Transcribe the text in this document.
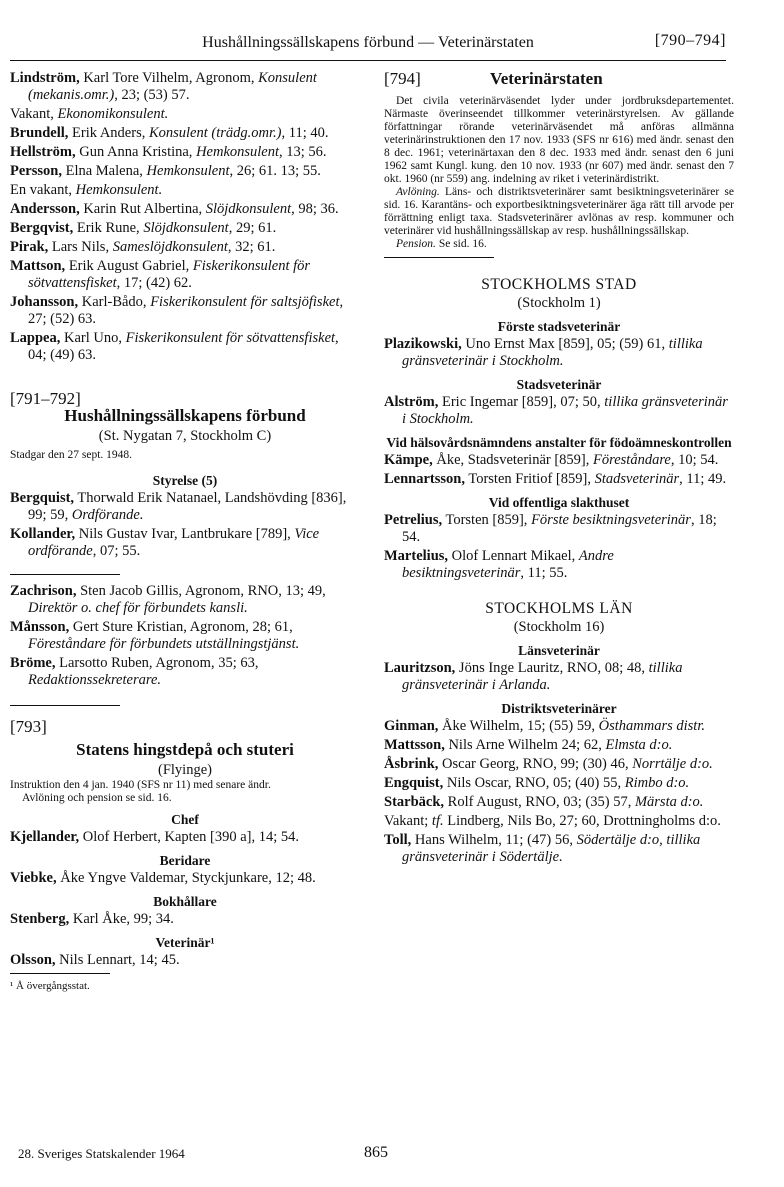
Hushållningssällskapens förbund — Veterinärstaten	[790–794]
Lindström, Karl Tore Vilhelm, Agronom, Konsulent (mekanis.omr.), 23; (53) 57.
Vakant, Ekonomikonsulent.
Brundell, Erik Anders, Konsulent (trädg.omr.), 11; 40.
Hellström, Gun Anna Kristina, Hemkonsulent, 13; 56.
Persson, Elna Malena, Hemkonsulent, 26; 61. 13; 55.
En vakant, Hemkonsulent.
Andersson, Karin Rut Albertina, Slöjdkonsulent, 98; 36.
Bergqvist, Erik Rune, Slöjdkonsulent, 29; 61.
Pirak, Lars Nils, Sameslöjdkonsulent, 32; 61.
Mattson, Erik August Gabriel, Fiskerikonsulent för sötvattensfisket, 17; (42) 62.
Johansson, Karl-Bådo, Fiskerikonsulent för saltsjöfisket, 27; (52) 63.
Lappea, Karl Uno, Fiskerikonsulent för sötvattensfisket, 04; (49) 63.
[791–792]
Hushållningssällskapens förbund
(St. Nygatan 7, Stockholm C)
Stadgar den 27 sept. 1948.
Styrelse (5)
Bergquist, Thorwald Erik Natanael, Landshövding [836], 99; 59, Ordförande.
Kollander, Nils Gustav Ivar, Lantbrukare [789], Vice ordförande, 07; 55.
Zachrison, Sten Jacob Gillis, Agronom, RNO, 13; 49, Direktör o. chef för förbundets kansli.
Månsson, Gert Sture Kristian, Agronom, 28; 61, Föreståndare för förbundets utställningstjänst.
Bröme, Larsotto Ruben, Agronom, 35; 63, Redaktionssekreterare.
[793]
Statens hingstdepå och stuteri
(Flyinge)
Instruktion den 4 jan. 1940 (SFS nr 11) med senare ändr.
Avlöning och pension se sid. 16.
Chef
Kjellander, Olof Herbert, Kapten [390 a], 14; 54.
Beridare
Viebke, Åke Yngve Valdemar, Styckjunkare, 12; 48.
Bokhållare
Stenberg, Karl Åke, 99; 34.
Veterinär¹
Olsson, Nils Lennart, 14; 45.
¹ Å övergångsstat.
[794]	Veterinärstaten
Det civila veterinärväsendet lyder under jordbruksdepartementet. Närmaste överinseendet tillkommer veterinärstyrelsen. Av gällande författningar rörande veterinärväsendet må anföras allmänna veterinärinstruktionen den 17 nov. 1933 (SFS nr 616) med ändr. senast den 8 dec. 1961; veterinärtaxan den 8 dec. 1933 med ändr. senast den 6 juni 1962 samt Kungl. kung. den 10 nov. 1933 (nr 607) med ändr. senast den 7 okt. 1960 (nr 559) ang. indelning av riket i veterinärdistrikt.
Avlöning. Läns- och distriktsveterinärer samt besiktningsveterinärer se sid. 16. Karantäns- och exportbesiktningsveterinärer äga rätt till arvode per förrättning enligt taxa. Stadsveterinärer avlönas av resp. kommuner och veterinärer vid hushållningssällskap av resp. hushållningssällskap.
Pension. Se sid. 16.
STOCKHOLMS STAD
(Stockholm 1)
Förste stadsveterinär
Plazikowski, Uno Ernst Max [859], 05; (59) 61, tillika gränsveterinär i Stockholm.
Stadsveterinär
Alström, Eric Ingemar [859], 07; 50, tillika gränsveterinär i Stockholm.
Vid hälsovårdsnämndens anstalter för födoämneskontrollen
Kämpe, Åke, Stadsveterinär [859], Föreståndare, 10; 54.
Lennartsson, Torsten Fritiof [859], Stadsveterinär, 11; 49.
Vid offentliga slakthuset
Petrelius, Torsten [859], Förste besiktningsveterinär, 18; 54.
Martelius, Olof Lennart Mikael, Andre besiktningsveterinär, 11; 55.
STOCKHOLMS LÄN
(Stockholm 16)
Länsveterinär
Lauritzson, Jöns Inge Lauritz, RNO, 08; 48, tillika gränsveterinär i Arlanda.
Distriktsveterinärer
Ginman, Åke Wilhelm, 15; (55) 59, Östhammars distr.
Mattsson, Nils Arne Wilhelm 24; 62, Elmsta d:o.
Åsbrink, Oscar Georg, RNO, 99; (30) 46, Norrtälje d:o.
Engquist, Nils Oscar, RNO, 05; (40) 55, Rimbo d:o.
Starbäck, Rolf August, RNO, 03; (35) 57, Märsta d:o.
Vakant; tf. Lindberg, Nils Bo, 27; 60, Drottningholms d:o.
Toll, Hans Wilhelm, 11; (47) 56, Södertälje d:o, tillika gränsveterinär i Södertälje.
28. Sveriges Statskalender 1964	865
